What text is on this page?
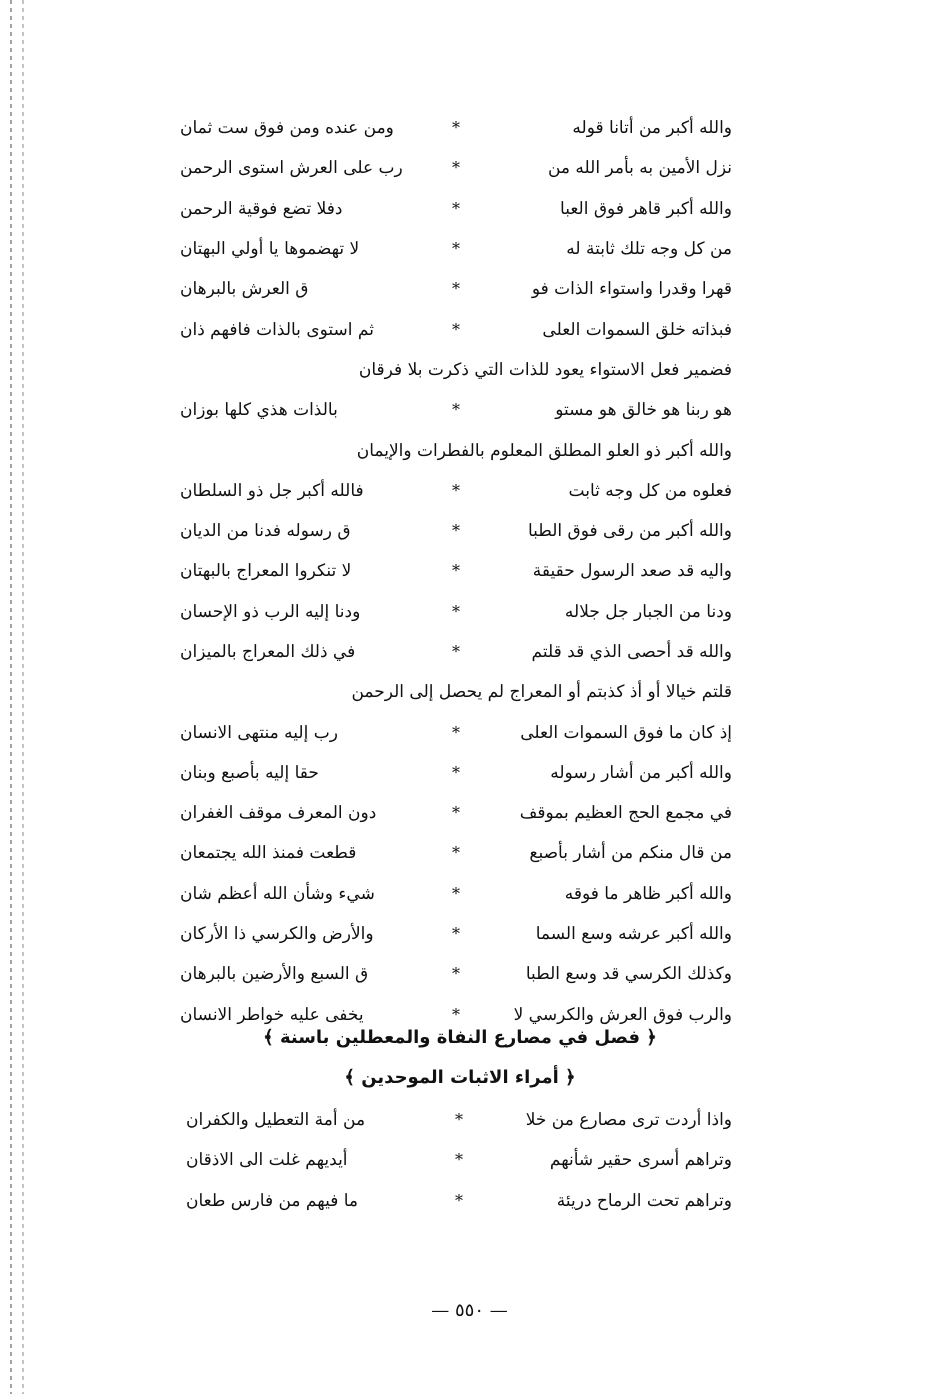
والله أكبر من أتانا قوله
*
ومن عنده ومن فوق ست ثمان
نزل الأمين به بأمر الله من
*
رب على العرش استوى الرحمن
والله أكبر قاهر فوق العبا
*
دفلا تضع فوقية الرحمن
من كل وجه تلك ثابتة له
*
لا تهضموها يا أولي البهتان
قهرا وقدرا واستواء الذات فو
*
ق العرش بالبرهان
فبذاته خلق السموات العلى
*
ثم استوى بالذات فافهم ذان
فضمير فعل الاستواء يعود للذات التي ذكرت بلا فرقان
هو ربنا هو خالق هو مستو
*
بالذات هذي كلها بوزان
والله أكبر ذو العلو المطلق المعلوم بالفطرات والإيمان
فعلوه من كل وجه ثابت
*
فالله أكبر جل ذو السلطان
والله أكبر من رقى فوق الطبا
*
ق رسوله فدنا من الديان
واليه قد صعد الرسول حقيقة
*
لا تنكروا المعراج بالبهتان
ودنا من الجبار جل جلاله
*
ودنا إليه الرب ذو الإحسان
والله قد أحصى الذي قد قلتم
*
في ذلك المعراج بالميزان
قلتم خيالا أو أذ كذبتم أو المعراج لم يحصل إلى الرحمن
إذ كان ما فوق السموات العلى
*
رب إليه منتهى الانسان
والله أكبر من أشار رسوله
*
حقا إليه بأصبع وبنان
في مجمع الحج العظيم بموقف
*
دون المعرف موقف الغفران
من قال منكم من أشار بأصبع
*
قطعت فمنذ الله يجتمعان
والله أكبر ظاهر ما فوقه
*
شيء وشأن الله أعظم شان
والله أكبر عرشه وسع السما
*
والأرض والكرسي ذا الأركان
وكذلك الكرسي قد وسع الطبا
*
ق السبع والأرضين بالبرهان
والرب فوق العرش والكرسي لا
*
يخفى عليه خواطر الانسان
﴿ فصل في مصارع النفاة والمعطلين باسنة ﴾
﴿ أمراء الاثبات الموحدين ﴾
واذا أردت ترى مصارع من خلا
*
من أمة التعطيل والكفران
وتراهم أسرى حقير شأنهم
*
أيديهم غلت الى الاذقان
وتراهم تحت الرماح دريئة
*
ما فيهم من فارس طعان
— ٥٥٠ —
